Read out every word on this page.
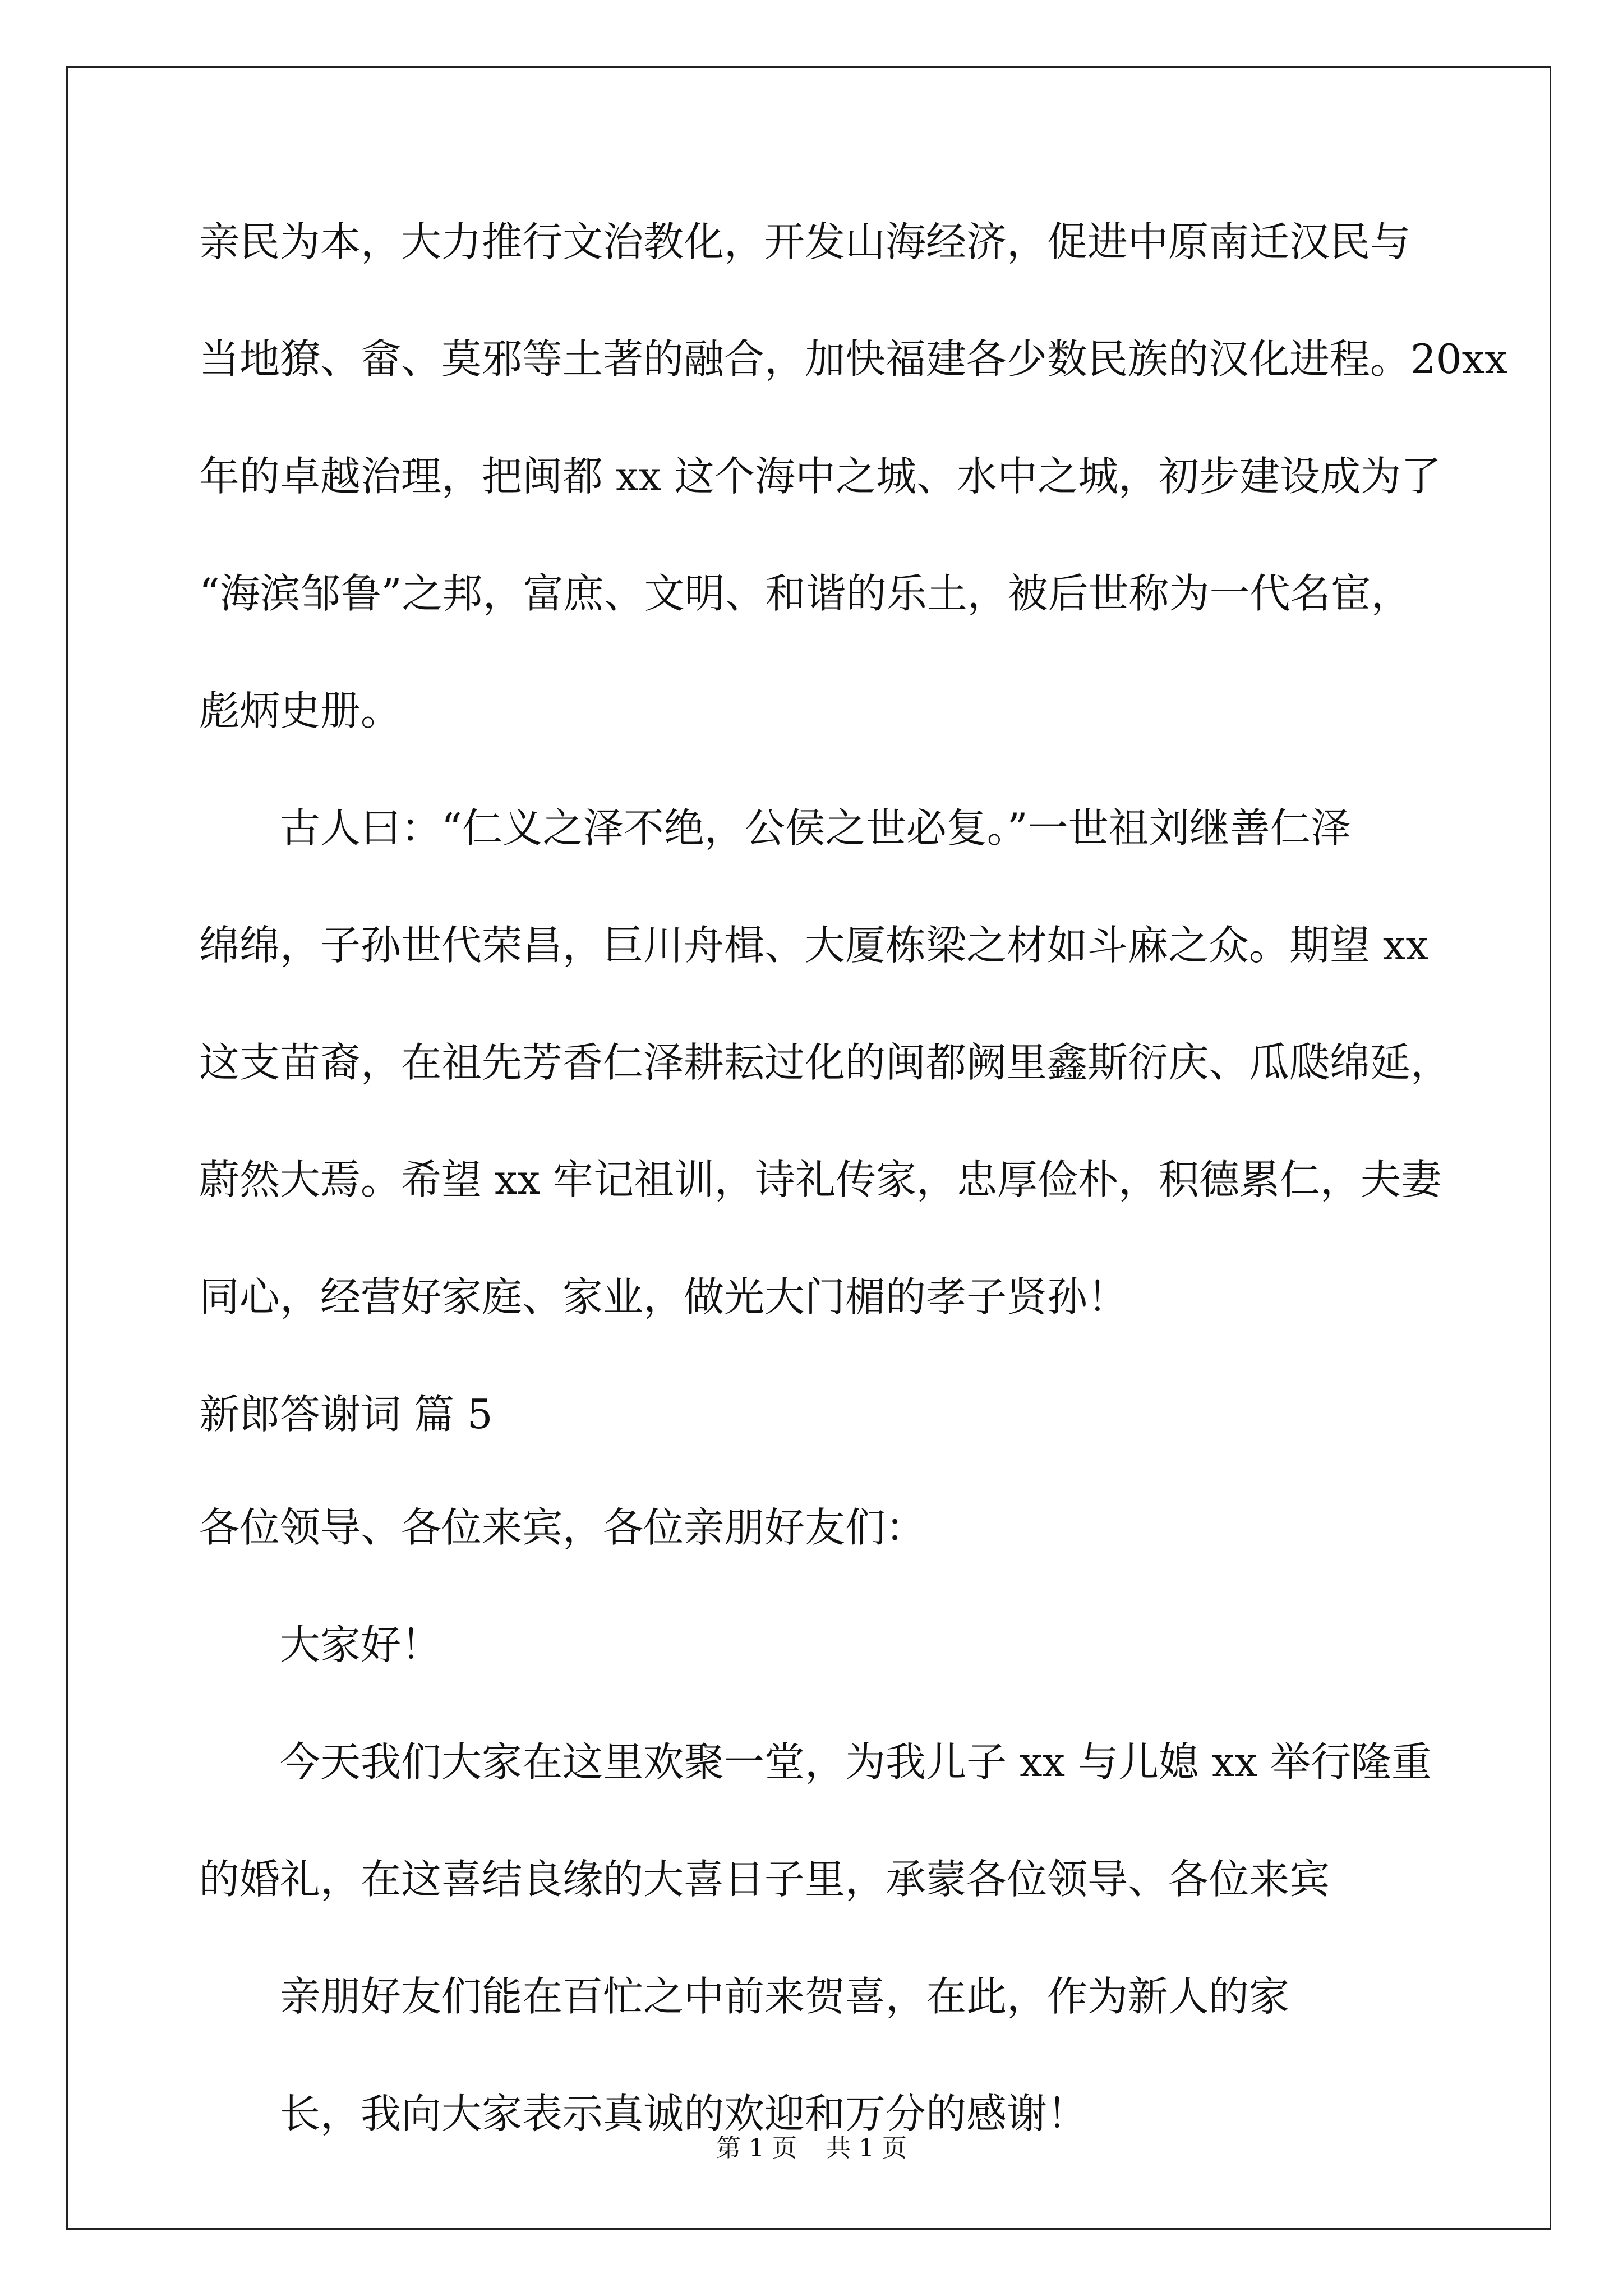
亲民为本，大力推行文治教化，开发山海经济，促进中原南迁汉民与

当地獠、畲、莫邪等土著的融合，加快福建各少数民族的汉化进程。20xx

年的卓越治理，把闽都 xx 这个海中之城、水中之城，初步建设成为了

“海滨邹鲁”之邦，富庶、文明、和谐的乐土，被后世称为一代名宦，

彪炳史册。

古人曰：“仁义之泽不绝，公侯之世必复。”一世祖刘继善仁泽

绵绵，子孙世代荣昌，巨川舟楫、大厦栋梁之材如斗麻之众。期望 xx

这支苗裔，在祖先芳香仁泽耕耘过化的闽都阙里鑫斯衍庆、瓜瓞绵延，

蔚然大焉。希望 xx 牢记祖训，诗礼传家，忠厚俭朴，积德累仁，夫妻

同心，经营好家庭、家业，做光大门楣的孝子贤孙！

新郎答谢词 篇 5

各位领导、各位来宾，各位亲朋好友们：

大家好！

今天我们大家在这里欢聚一堂，为我儿子 xx 与儿媳 xx 举行隆重

的婚礼，在这喜结良缘的大喜日子里，承蒙各位领导、各位来宾

亲朋好友们能在百忙之中前来贺喜，在此，作为新人的家

长，我向大家表示真诚的欢迎和万分的感谢！

第 1 页 共 1 页
